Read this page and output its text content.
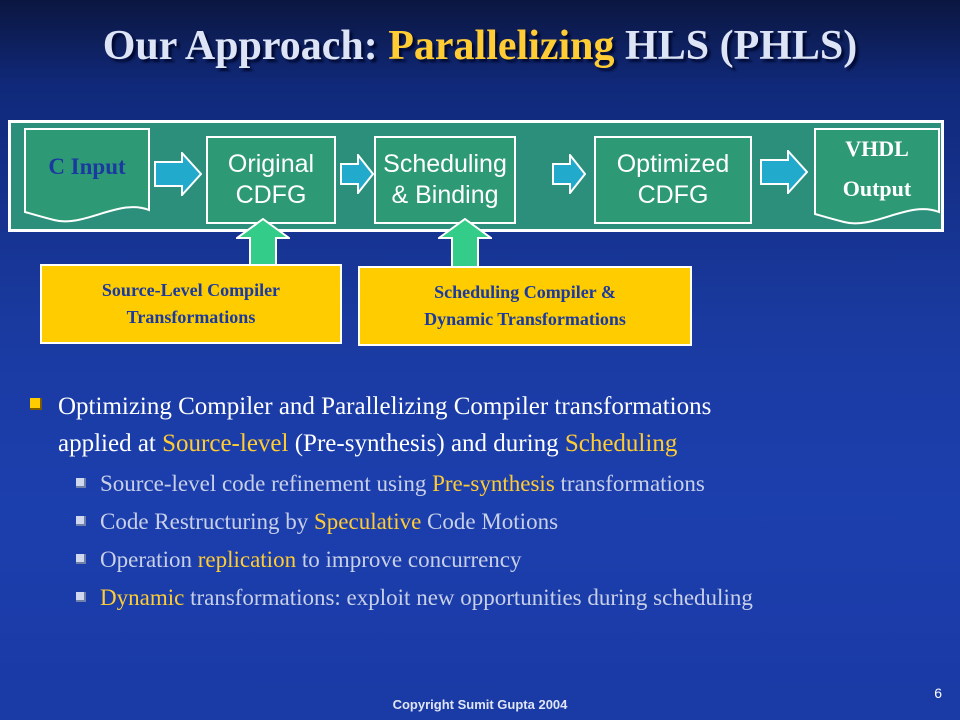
Our Approach: Parallelizing HLS (PHLS)
C Input	Original
CDFG
Scheduling
& Binding
Optimized
CDFG
VHDL
Output
Source-Level Compiler
Transformations
Scheduling Compiler &
Dynamic Transformations
Optimizing Compiler and Parallelizing Compiler transformations
applied at Source-level (Pre-synthesis) and during Scheduling
Source-level code refinement using Pre-synthesis transformations
Code Restructuring by Speculative Code Motions
Operation replication to improve concurrency
Dynamic transformations: exploit new opportunities during scheduling
Copyright Sumit Gupta 2004
6
